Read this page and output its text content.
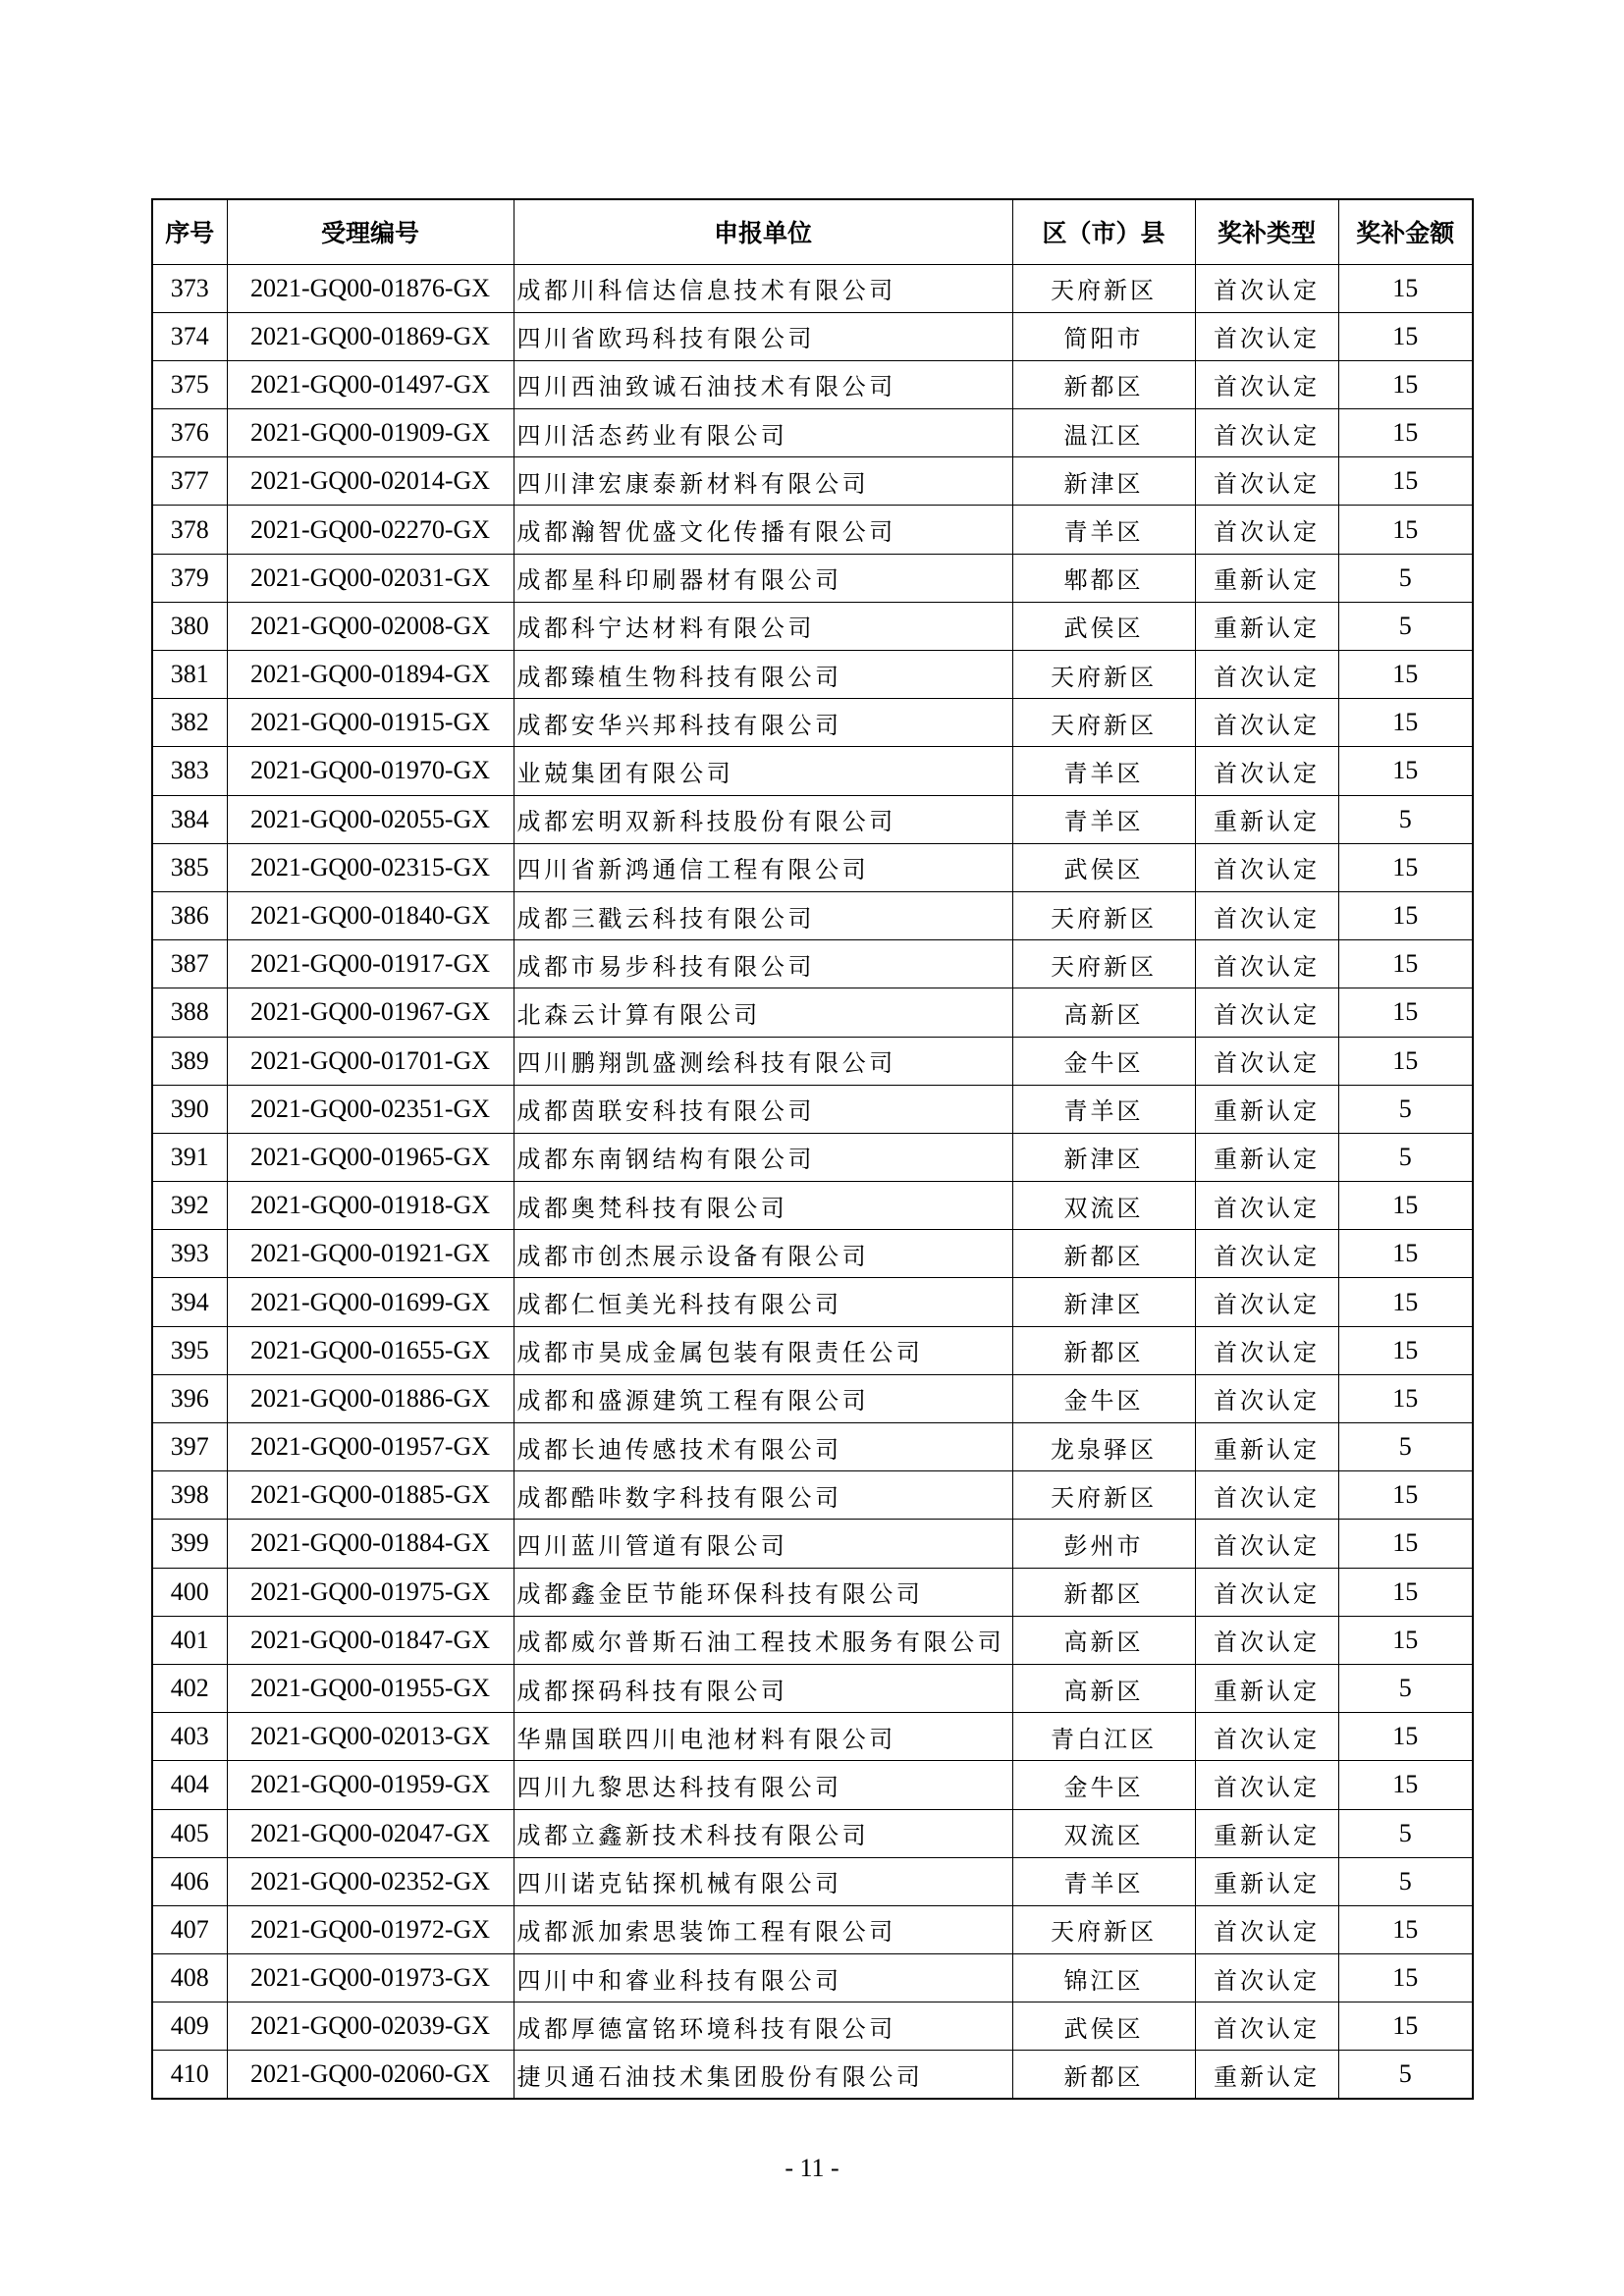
序号	受理编号	申报单位	区（市）县	奖补类型	奖补金额
373	2021-GQ00-01876-GX	成都川科信达信息技术有限公司	天府新区	首次认定	15
374	2021-GQ00-01869-GX	四川省欧玛科技有限公司	简阳市	首次认定	15
375	2021-GQ00-01497-GX	四川西油致诚石油技术有限公司	新都区	首次认定	15
376	2021-GQ00-01909-GX	四川活态药业有限公司	温江区	首次认定	15
377	2021-GQ00-02014-GX	四川津宏康泰新材料有限公司	新津区	首次认定	15
378	2021-GQ00-02270-GX	成都瀚智优盛文化传播有限公司	青羊区	首次认定	15
379	2021-GQ00-02031-GX	成都星科印刷器材有限公司	郫都区	重新认定	5
380	2021-GQ00-02008-GX	成都科宁达材料有限公司	武侯区	重新认定	5
381	2021-GQ00-01894-GX	成都臻植生物科技有限公司	天府新区	首次认定	15
382	2021-GQ00-01915-GX	成都安华兴邦科技有限公司	天府新区	首次认定	15
383	2021-GQ00-01970-GX	业兢集团有限公司	青羊区	首次认定	15
384	2021-GQ00-02055-GX	成都宏明双新科技股份有限公司	青羊区	重新认定	5
385	2021-GQ00-02315-GX	四川省新鸿通信工程有限公司	武侯区	首次认定	15
386	2021-GQ00-01840-GX	成都三戳云科技有限公司	天府新区	首次认定	15
387	2021-GQ00-01917-GX	成都市易步科技有限公司	天府新区	首次认定	15
388	2021-GQ00-01967-GX	北森云计算有限公司	高新区	首次认定	15
389	2021-GQ00-01701-GX	四川鹏翔凯盛测绘科技有限公司	金牛区	首次认定	15
390	2021-GQ00-02351-GX	成都茵联安科技有限公司	青羊区	重新认定	5
391	2021-GQ00-01965-GX	成都东南钢结构有限公司	新津区	重新认定	5
392	2021-GQ00-01918-GX	成都奥梵科技有限公司	双流区	首次认定	15
393	2021-GQ00-01921-GX	成都市创杰展示设备有限公司	新都区	首次认定	15
394	2021-GQ00-01699-GX	成都仁恒美光科技有限公司	新津区	首次认定	15
395	2021-GQ00-01655-GX	成都市昊成金属包装有限责任公司	新都区	首次认定	15
396	2021-GQ00-01886-GX	成都和盛源建筑工程有限公司	金牛区	首次认定	15
397	2021-GQ00-01957-GX	成都长迪传感技术有限公司	龙泉驿区	重新认定	5
398	2021-GQ00-01885-GX	成都酷咔数字科技有限公司	天府新区	首次认定	15
399	2021-GQ00-01884-GX	四川蓝川管道有限公司	彭州市	首次认定	15
400	2021-GQ00-01975-GX	成都鑫金臣节能环保科技有限公司	新都区	首次认定	15
401	2021-GQ00-01847-GX	成都威尔普斯石油工程技术服务有限公司	高新区	首次认定	15
402	2021-GQ00-01955-GX	成都探码科技有限公司	高新区	重新认定	5
403	2021-GQ00-02013-GX	华鼎国联四川电池材料有限公司	青白江区	首次认定	15
404	2021-GQ00-01959-GX	四川九黎思达科技有限公司	金牛区	首次认定	15
405	2021-GQ00-02047-GX	成都立鑫新技术科技有限公司	双流区	重新认定	5
406	2021-GQ00-02352-GX	四川诺克钻探机械有限公司	青羊区	重新认定	5
407	2021-GQ00-01972-GX	成都派加索思装饰工程有限公司	天府新区	首次认定	15
408	2021-GQ00-01973-GX	四川中和睿业科技有限公司	锦江区	首次认定	15
409	2021-GQ00-02039-GX	成都厚德富铭环境科技有限公司	武侯区	首次认定	15
410	2021-GQ00-02060-GX	捷贝通石油技术集团股份有限公司	新都区	重新认定	5
- 11 -
